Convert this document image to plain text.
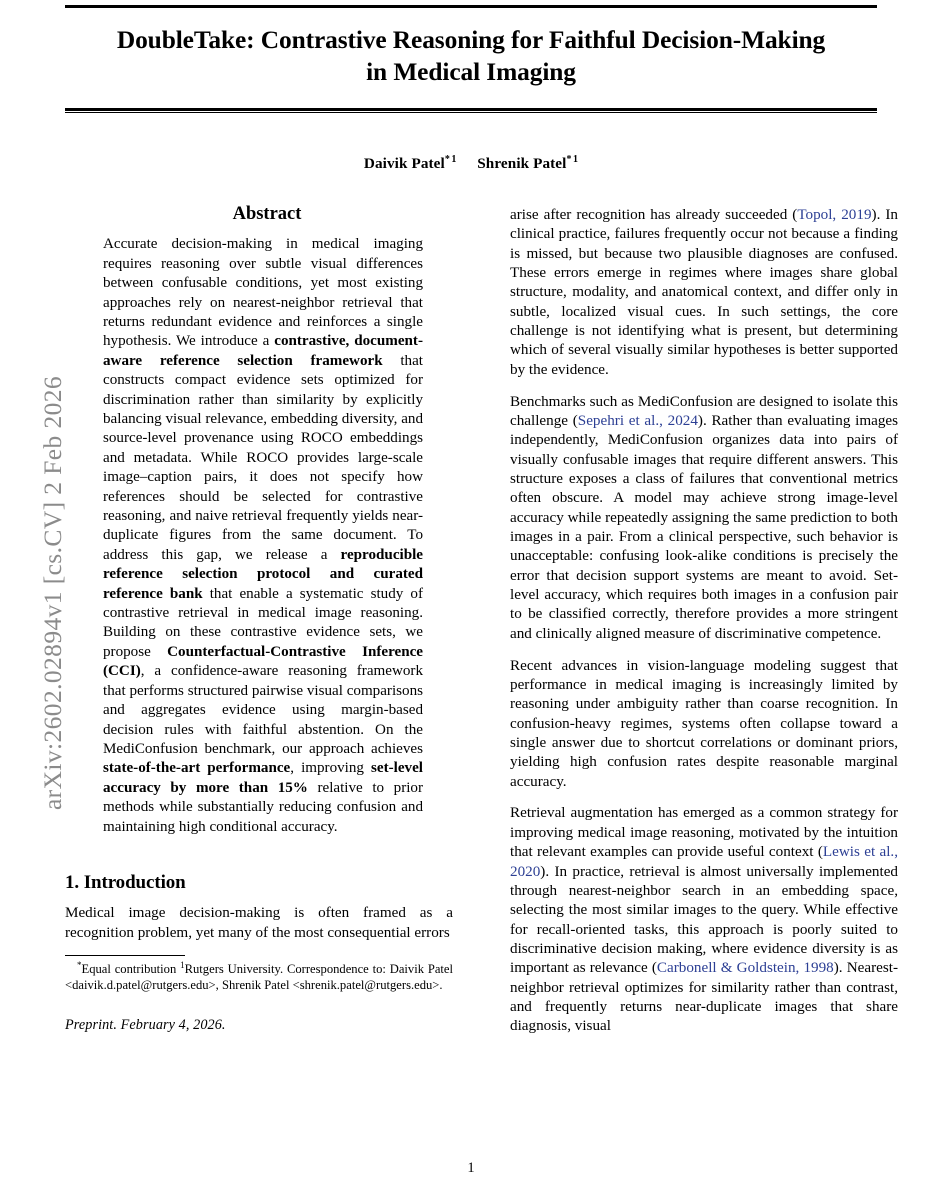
arXiv:2602.02894v1 [cs.CV] 2 Feb 2026
DoubleTake: Contrastive Reasoning for Faithful Decision-Making
in Medical Imaging
Daivik Patel$^{*1}$ Shrenik Patel$^{*1}$
Abstract
Accurate decision-making in medical imaging requires reasoning over subtle visual differences between confusable conditions, yet most existing approaches rely on nearest-neighbor retrieval that returns redundant evidence and reinforces a single hypothesis. We introduce a contrastive, document-aware reference selection framework that constructs compact evidence sets optimized for discrimination rather than similarity by explicitly balancing visual relevance, embedding diversity, and source-level provenance using ROCO embeddings and metadata. While ROCO provides large-scale image–caption pairs, it does not specify how references should be selected for contrastive reasoning, and naive retrieval frequently yields near-duplicate figures from the same document. To address this gap, we release a reproducible reference selection protocol and curated reference bank that enable a systematic study of contrastive retrieval in medical image reasoning. Building on these contrastive evidence sets, we propose Counterfactual-Contrastive Inference (CCI), a confidence-aware reasoning framework that performs structured pairwise visual comparisons and aggregates evidence using margin-based decision rules with faithful abstention. On the MediConfusion benchmark, our approach achieves state-of-the-art performance, improving set-level accuracy by more than 15% relative to prior methods while substantially reducing confusion and maintaining high conditional accuracy.
1. Introduction

Medical image decision-making is often framed as a recognition problem, yet many of the most consequential errors

*Equal contribution $^1$Rutgers University. Correspondence to: Daivik Patel <daivik.d.patel@rutgers.edu>, Shrenik Patel <shrenik.patel@rutgers.edu>.

Preprint. February 4, 2026.

arise after recognition has already succeeded (Topol, 2019). In clinical practice, failures frequently occur not because a finding is missed, but because two plausible diagnoses are confused. These errors emerge in regimes where images share global structure, modality, and anatomical context, and differ only in subtle, localized visual cues. In such settings, the core challenge is not identifying what is present, but determining which of several visually similar hypotheses is better supported by the evidence.

Benchmarks such as MediConfusion are designed to isolate this challenge (Sepehri et al., 2024). Rather than evaluating images independently, MediConfusion organizes data into pairs of visually confusable images that require different answers. This structure exposes a class of failures that conventional metrics often obscure. A model may achieve strong image-level accuracy while repeatedly assigning the same prediction to both images in a pair. From a clinical perspective, such behavior is unacceptable: confusing look-alike conditions is precisely the error that decision support systems are meant to avoid. Set-level accuracy, which requires both images in a confusion pair to be classified correctly, therefore provides a more stringent and clinically aligned measure of discriminative competence.

Recent advances in vision-language modeling suggest that performance in medical imaging is increasingly limited by reasoning under ambiguity rather than coarse recognition. In confusion-heavy regimes, systems often collapse toward a single answer due to shortcut correlations or dominant priors, yielding high confusion rates despite reasonable marginal accuracy.

Retrieval augmentation has emerged as a common strategy for improving medical image reasoning, motivated by the intuition that relevant examples can provide useful context (Lewis et al., 2020). In practice, retrieval is almost universally implemented through nearest-neighbor search in an embedding space, selecting the most similar images to the query. While effective for recall-oriented tasks, this approach is poorly suited to discriminative decision making, where evidence diversity is as important as relevance (Carbonell & Goldstein, 1998). Nearest-neighbor retrieval optimizes for similarity rather than contrast, and frequently returns near-duplicate images that share diagnosis, visual

1
